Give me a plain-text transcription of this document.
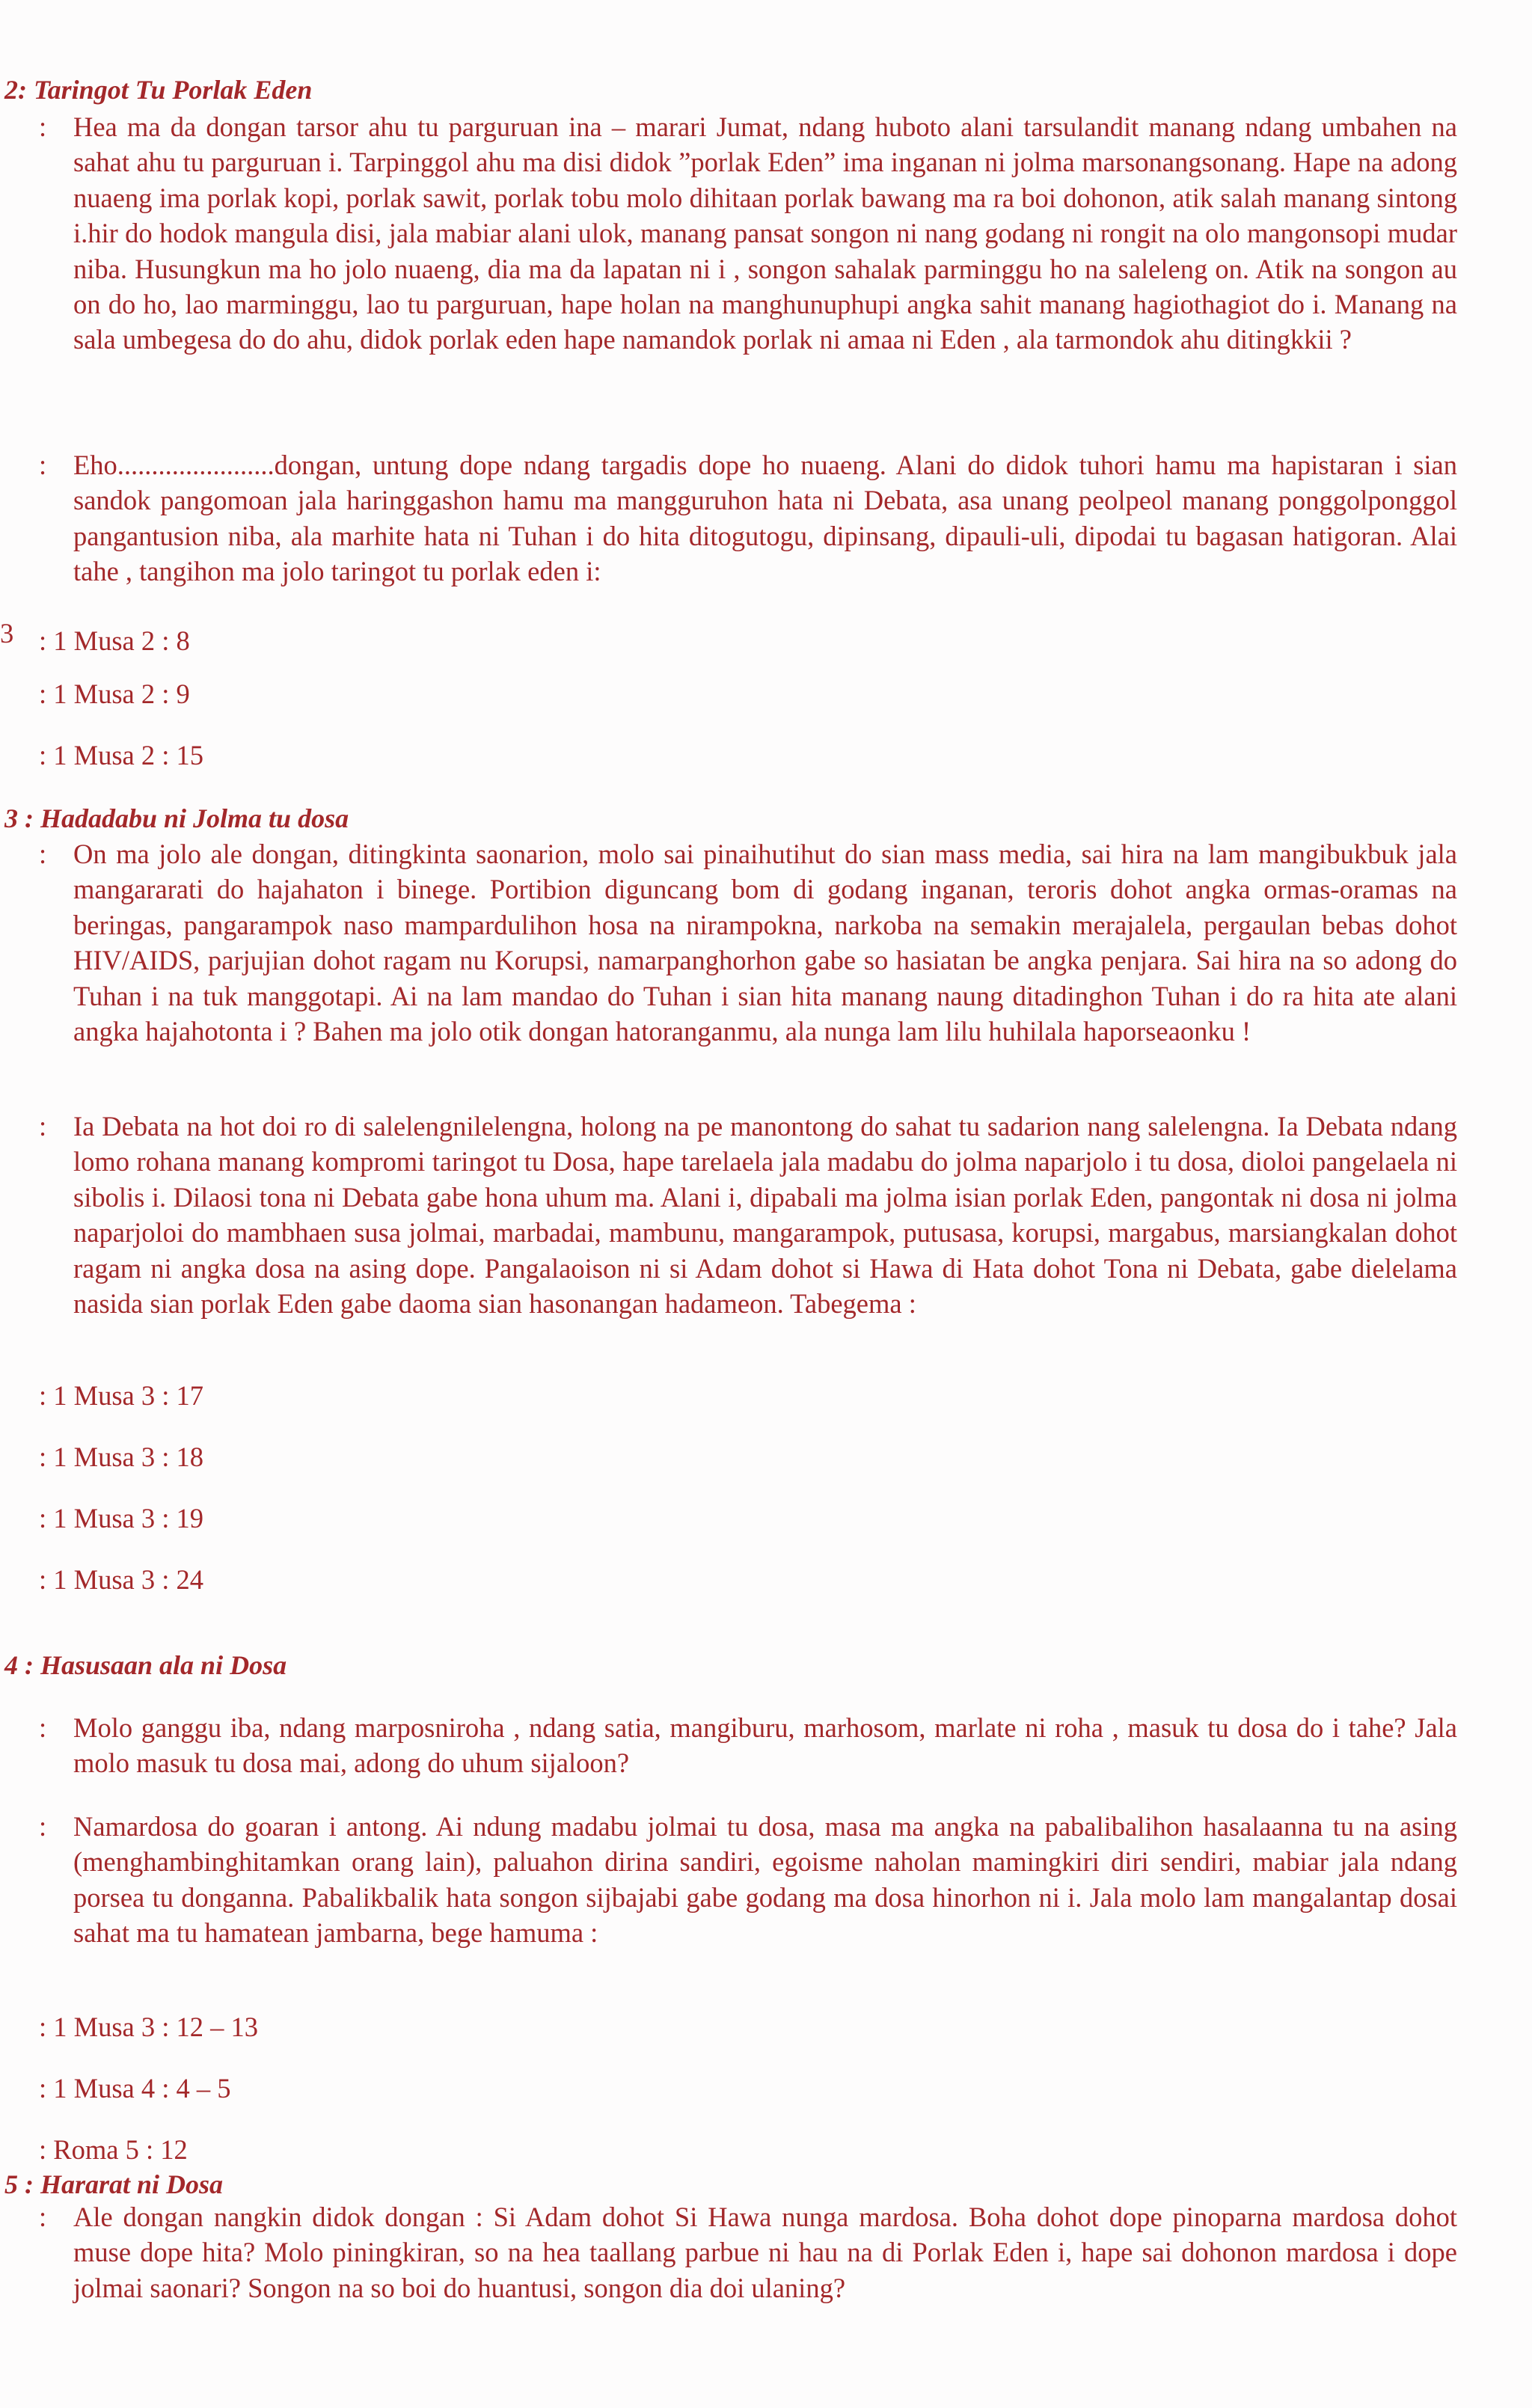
2: Taringot Tu Porlak Eden
: Hea ma da dongan tarsor ahu tu parguruan ina – marari Jumat, ndang huboto alani tarsulandit manang ndang umbahen na sahat ahu tu parguruan i. Tarpinggol ahu ma disi didok ”porlak Eden” ima inganan ni jolma marsonangsonang. Hape na adong nuaeng ima porlak kopi, porlak sawit, porlak tobu molo dihitaan porlak bawang ma ra boi dohonon, atik salah manang sintong i.hir do hodok mangula disi, jala mabiar alani ulok, manang pansat songon ni nang godang ni rongit na olo mangonsopi mudar niba. Husungkun ma ho jolo nuaeng, dia ma da lapatan ni i , songon sahalak parminggu ho na saleleng on. Atik na songon au on do ho, lao marminggu, lao tu parguruan, hape holan na manghunuphupi angka sahit manang hagiothagiot do i. Manang na sala umbegesa do do ahu, didok porlak eden hape namandok porlak ni amaa ni Eden , ala tarmondok ahu ditingkkii ?
: Eho.......................dongan, untung dope ndang targadis dope ho nuaeng. Alani do didok tuhori hamu ma hapistaran i sian sandok pangomoan jala haringgashon hamu ma mangguruhon hata ni Debata, asa unang peolpeol manang ponggolponggol pangantusion niba, ala marhite hata ni Tuhan i do hita ditogutogu, dipinsang, dipauli-uli, dipodai tu bagasan hatigoran. Alai tahe , tangihon ma jolo taringot tu porlak eden i:
3 : 1 Musa 2 : 8
: 1 Musa 2 : 9
: 1 Musa 2 : 15
3 : Hadadabu ni Jolma tu dosa
: On ma jolo ale dongan, ditingkinta saonarion, molo sai pinaihutihut do sian mass media, sai hira na lam mangibukbuk jala mangararati do hajahaton i binege. Portibion diguncang bom di godang inganan, teroris dohot angka ormas-oramas na beringas, pangarampok naso mampardulihon hosa na nirampokna, narkoba na semakin merajalela, pergaulan bebas dohot HIV/AIDS, parjujian dohot ragam nu Korupsi, namarpanghorhon gabe so hasiatan be angka penjara. Sai hira na so adong do Tuhan i na tuk manggotapi. Ai na lam mandao do Tuhan i sian hita manang naung ditadinghon Tuhan i do ra hita ate alani angka hajahotonta i ? Bahen ma jolo otik dongan hatoranganmu, ala nunga lam lilu huhilala haporseaonku !
: Ia Debata na hot doi ro di salelengnilelengna, holong na pe manontong do sahat tu sadarion nang salelengna. Ia Debata ndang lomo rohana manang kompromi taringot tu Dosa, hape tarelaela jala madabu do jolma naparjolo i tu dosa, dioloi pangelaela ni sibolis i. Dilaosi tona ni Debata gabe hona uhum ma. Alani i, dipabali ma jolma isian porlak Eden, pangontak ni dosa ni jolma naparjoloi do mambhaen susa jolmai, marbadai, mambunu, mangarampok, putusasa, korupsi, margabus, marsiangkalan dohot ragam ni angka dosa na asing dope. Pangalaoison ni si Adam dohot si Hawa di Hata dohot Tona ni Debata, gabe dielelama nasida sian porlak Eden gabe daoma sian hasonangan hadameon. Tabegema :
: 1 Musa 3 : 17
: 1 Musa 3 : 18
: 1 Musa 3 : 19
: 1 Musa 3 : 24
4 : Hasusaan ala ni Dosa
: Molo ganggu iba, ndang marposniroha , ndang satia, mangiburu, marhosom, marlate ni roha , masuk tu dosa do i tahe? Jala molo masuk tu dosa mai, adong do uhum sijaloon?
: Namardosa do goaran i antong. Ai ndung madabu jolmai tu dosa, masa ma angka na pabalibalihon hasalaanna tu na asing (menghambinghitamkan orang lain), paluahon dirina sandiri, egoisme naholan mamingkiri diri sendiri, mabiar jala ndang porsea tu donganna. Pabalikbalik hata songon sijbajabi gabe godang ma dosa hinorhon ni i. Jala molo lam mangalantap dosai sahat ma tu hamatean jambarna, bege hamuma :
: 1 Musa 3 : 12 – 13
: 1 Musa 4 : 4 – 5
: Roma 5 : 12
5 : Hararat ni Dosa
: Ale dongan nangkin didok dongan : Si Adam dohot Si Hawa nunga mardosa. Boha dohot dope pinoparna mardosa dohot muse dope hita? Molo piningkiran, so na hea taallang parbue ni hau na di Porlak Eden i, hape sai dohonon mardosa i dope jolmai saonari? Songon na so boi do huantusi, songon dia doi ulaning?
